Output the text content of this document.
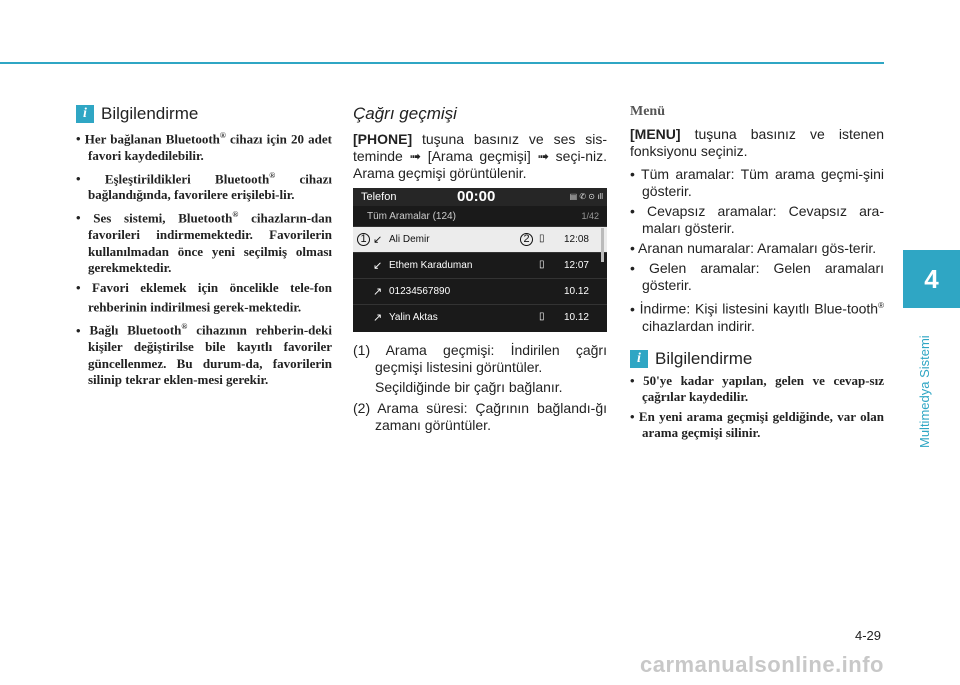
4
Multimedya Sistemi
i Bilgilendirme
• Her bağlanan Bluetooth® cihazı için 20 adet favori kaydedilebilir.
• Eşleştirildikleri Bluetooth® cihazı bağlandığında, favorilere erişilebi-lir.
• Ses sistemi, Bluetooth® cihazların-dan favorileri indirmemektedir. Favorilerin kullanılmadan önce yeni seçilmiş olması gerekmektedir.
• Favori eklemek için öncelikle tele-fon rehberinin indirilmesi gerek-mektedir.
• Bağlı Bluetooth® cihazının rehberin-deki kişiler değiştirilse bile kayıtlı favoriler güncellenmez. Bu durum-da, favorilerin silinip tekrar eklen-mesi gerekir.
Çağrı geçmişi

[PHONE] tuşuna basınız ve ses sis-teminde ➟ [Arama geçmişi] ➟ seçi-niz. Arama geçmişi görüntülenir.

Telefon	00:00	▤ ✆ ⊙ ıll
Tüm Aramalar (124)	1/42
1 ↙ Ali Demir	2 ▯ 12:08
↙ Ethem Karaduman	▯ 12:07
↗ 01234567890	10.12
↗ Yalin Aktas	▯ 10.12
(1) Arama geçmişi: İndirilen çağrı geçmişi listesini görüntüler.
Seçildiğinde bir çağrı bağlanır.
(2) Arama süresi: Çağrının bağlandı-ğı zamanı görüntüler.
Menü

[MENU] tuşuna basınız ve istenen fonksiyonu seçiniz.

• Tüm aramalar: Tüm arama geçmi-şini gösterir.
• Cevapsız aramalar: Cevapsız ara-maları gösterir.
• Aranan numaralar: Aramaları gös-terir.
• Gelen aramalar: Gelen aramaları gösterir.
• İndirme: Kişi listesini kayıtlı Blue-tooth® cihazlardan indirir.
i Bilgilendirme
• 50'ye kadar yapılan, gelen ve cevap-sız çağrılar kaydedilir.
• En yeni arama geçmişi geldiğinde, var olan arama geçmişi silinir.
4-29
carmanualsonline.info
